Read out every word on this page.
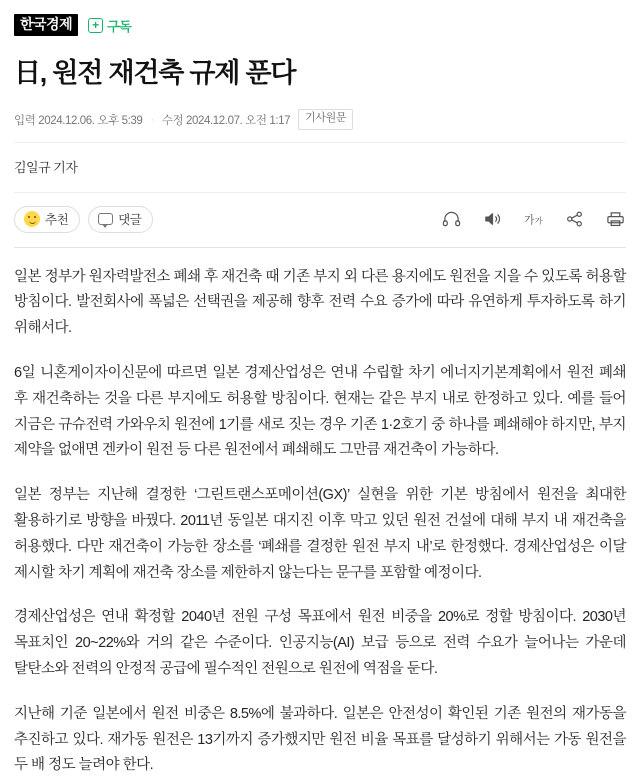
한국경제	+ 구독
日, 원전 재건축 규제 푼다
입력 2024.12.06. 오후 5:39 · 수정 2024.12.07. 오전 1:17	기사원문
김일규 기자
추천	댓글	가 가

일본 정부가 원자력발전소 폐쇄 후 재건축 때 기존 부지 외 다른 용지에도 원전을 지을 수 있도록 허용할 방침이다. 발전회사에 폭넓은 선택권을 제공해 향후 전력 수요 증가에 따라 유연하게 투자하도록 하기 위해서다.

6일 니혼게이자이신문에 따르면 일본 경제산업성은 연내 수립할 차기 에너지기본계획에서 원전 폐쇄 후 재건축하는 것을 다른 부지에도 허용할 방침이다. 현재는 같은 부지 내로 한정하고 있다. 예를 들어 지금은 규슈전력 가와우치 원전에 1기를 새로 짓는 경우 기존 1·2호기 중 하나를 폐쇄해야 하지만, 부지 제약을 없애면 겐카이 원전 등 다른 원전에서 폐쇄해도 그만큼 재건축이 가능하다.

일본 정부는 지난해 결정한 ‘그린트랜스포메이션(GX)’ 실현을 위한 기본 방침에서 원전을 최대한 활용하기로 방향을 바꿨다. 2011년 동일본 대지진 이후 막고 있던 원전 건설에 대해 부지 내 재건축을 허용했다. 다만 재건축이 가능한 장소를 ‘폐쇄를 결정한 원전 부지 내’로 한정했다. 경제산업성은 이달 제시할 차기 계획에 재건축 장소를 제한하지 않는다는 문구를 포함할 예정이다.

경제산업성은 연내 확정할 2040년 전원 구성 목표에서 원전 비중을 20%로 정할 방침이다. 2030년 목표치인 20~22%와 거의 같은 수준이다. 인공지능(AI) 보급 등으로 전력 수요가 늘어나는 가운데 탈탄소와 전력의 안정적 공급에 필수적인 전원으로 원전에 역점을 둔다.

지난해 기준 일본에서 원전 비중은 8.5%에 불과하다. 일본은 안전성이 확인된 기존 원전의 재가동을 추진하고 있다. 재가동 원전은 13기까지 증가했지만 원전 비율 목표를 달성하기 위해서는 가동 원전을 두 배 정도 늘려야 한다.
